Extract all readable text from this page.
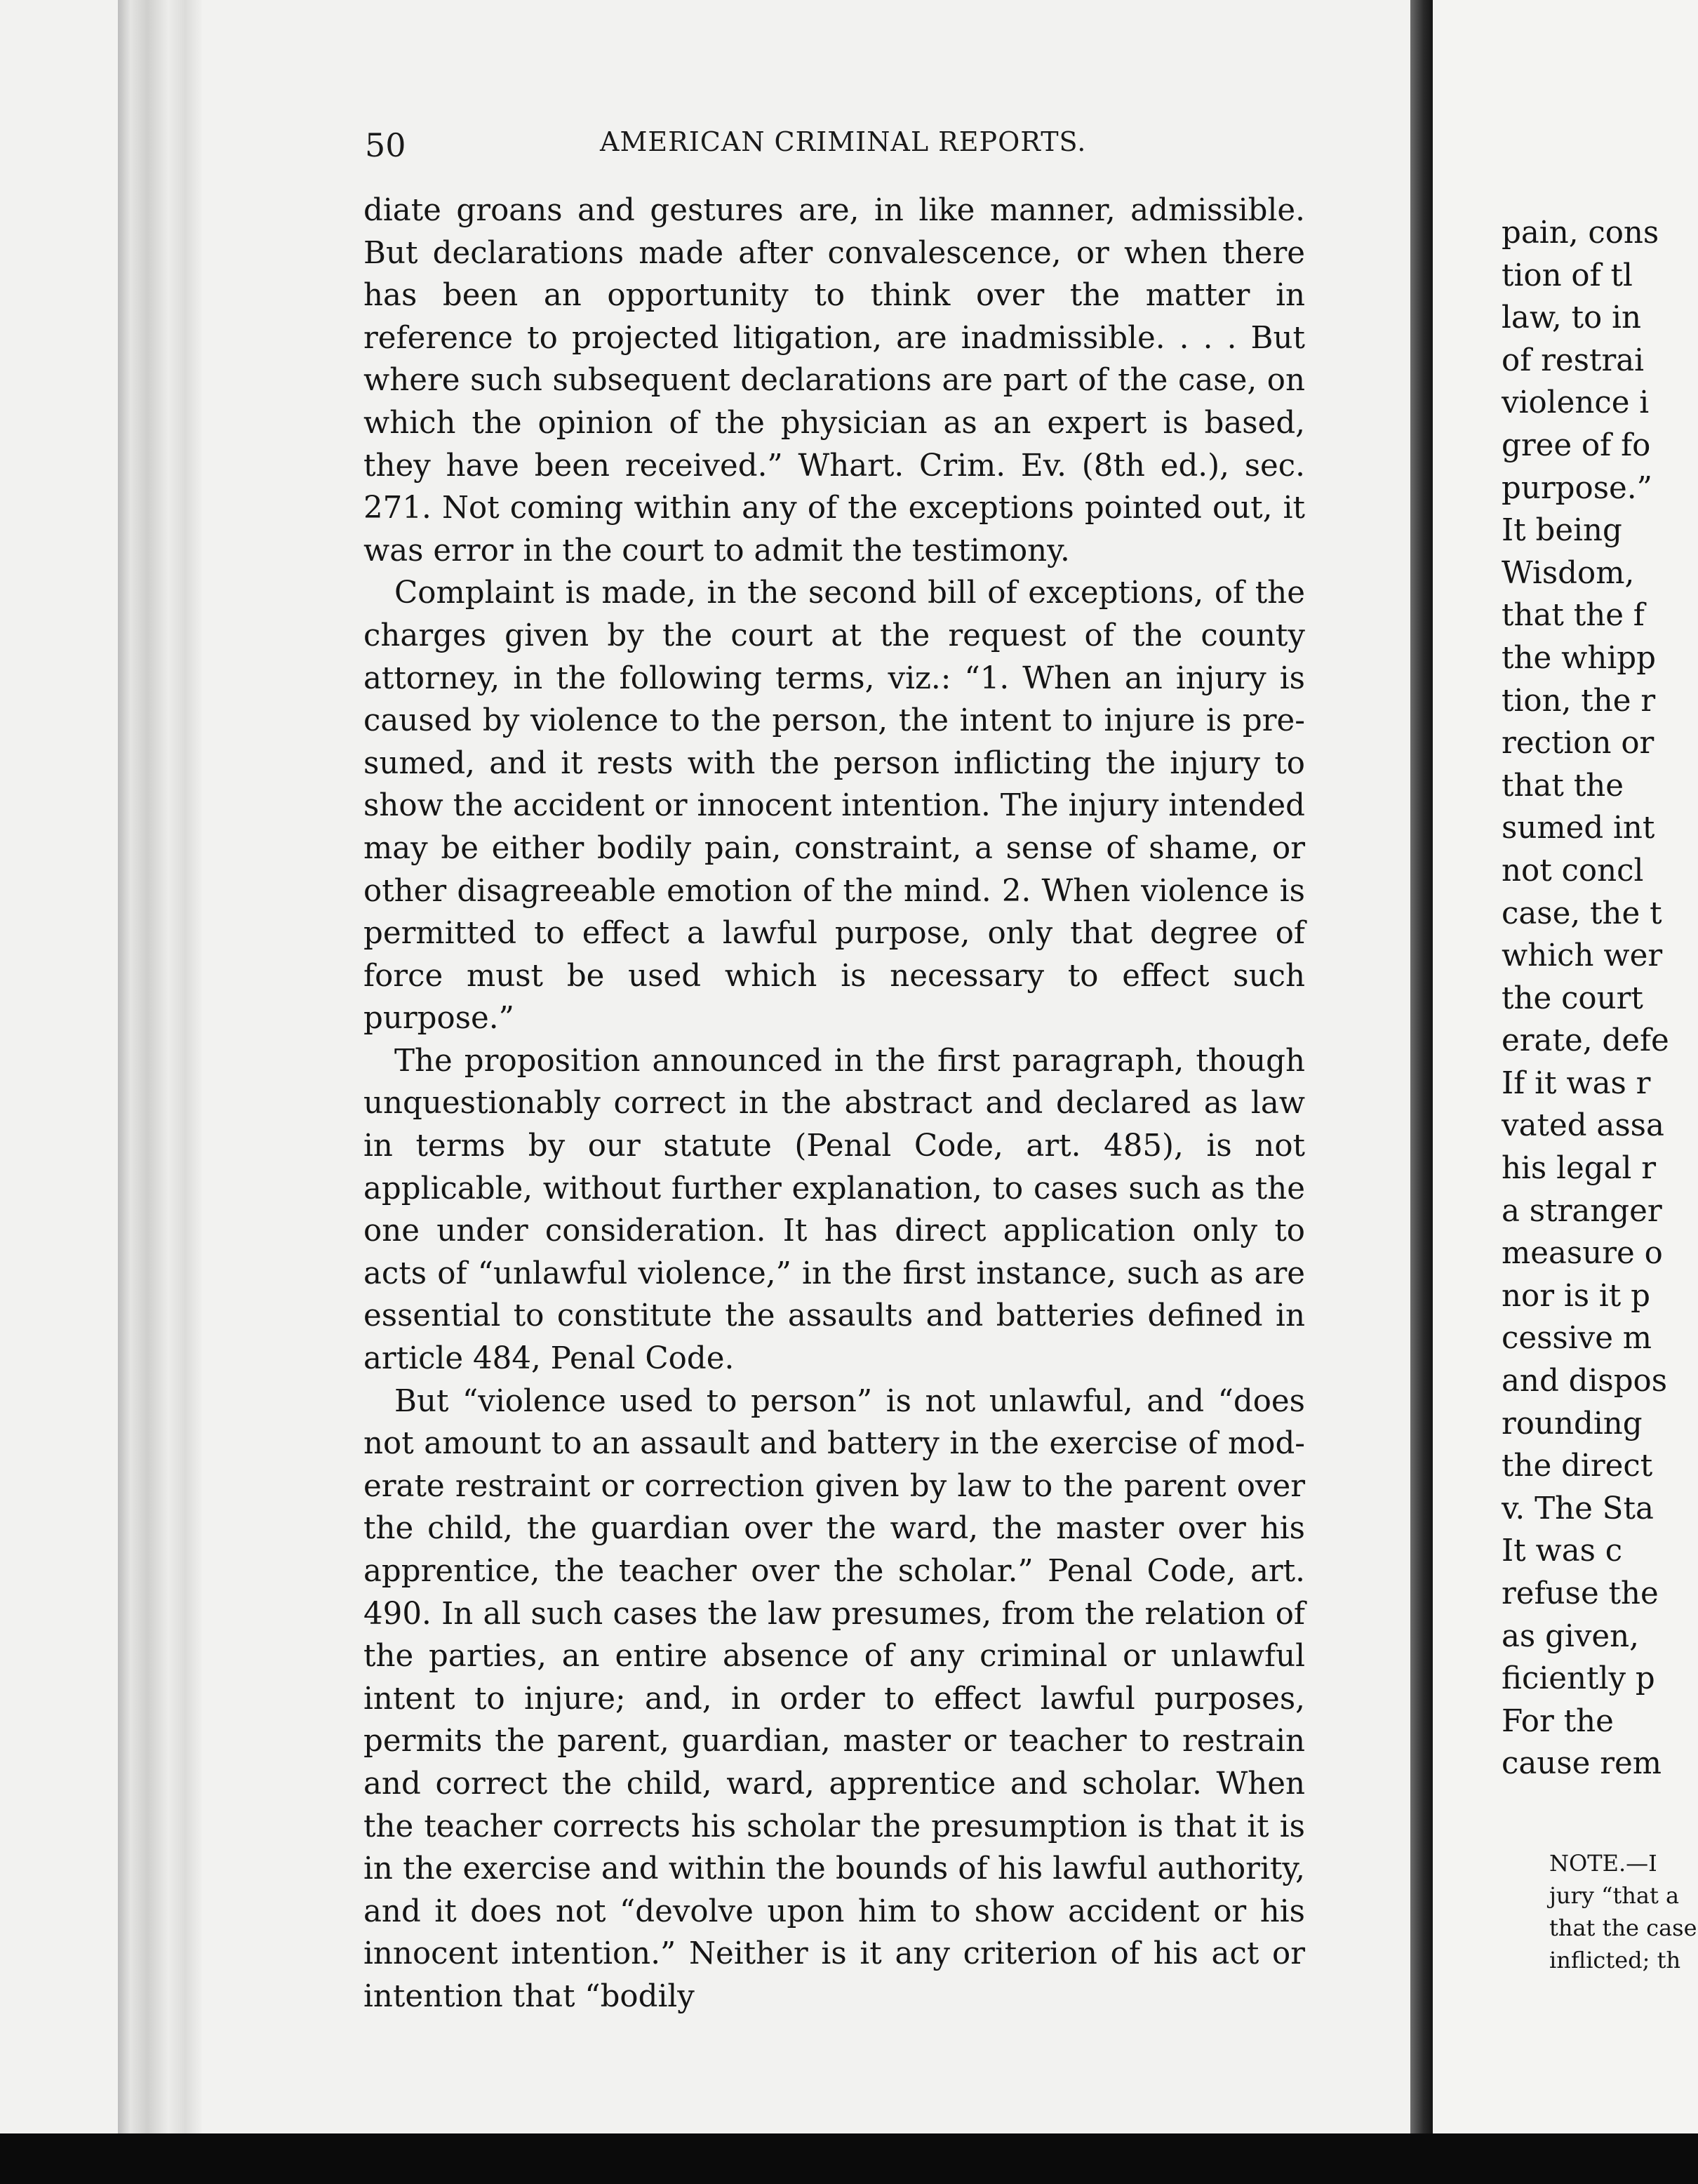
50	AMERICAN CRIMINAL REPORTS.

diate groans and gestures are, in like manner, admissible. But declarations made after convalescence, or when there has been an opportunity to think over the matter in reference to projected litigation, are inadmissible. . . . But where such subsequent declarations are part of the case, on which the opinion of the physician as an expert is based, they have been received.” Whart. Crim. Ev. (8th ed.), sec. 271. Not coming within any of the exceptions pointed out, it was error in the court to admit the testimony.

Complaint is made, in the second bill of exceptions, of the charges given by the court at the request of the county attorney, in the following terms, viz.: “1. When an injury is caused by violence to the person, the intent to injure is presumed, and it rests with the person inflicting the injury to show the accident or innocent intention. The injury intended may be either bodily pain, constraint, a sense of shame, or other disagreeable emotion of the mind. 2. When violence is permitted to effect a lawful purpose, only that degree of force must be used which is necessary to effect such purpose.”

The proposition announced in the first paragraph, though unquestionably correct in the abstract and declared as law in terms by our statute (Penal Code, art. 485), is not applicable, without further explanation, to cases such as the one under consideration. It has direct application only to acts of “unlawful violence,” in the first instance, such as are essential to constitute the assaults and batteries defined in article 484, Penal Code.

But “violence used to person” is not unlawful, and “does not amount to an assault and battery in the exercise of moderate restraint or correction given by law to the parent over the child, the guardian over the ward, the master over his apprentice, the teacher over the scholar.” Penal Code, art. 490. In all such cases the law presumes, from the relation of the parties, an entire absence of any criminal or unlawful intent to injure; and, in order to effect lawful purposes, permits the parent, guardian, master or teacher to restrain and correct the child, ward, apprentice and scholar. When the teacher corrects his scholar the presumption is that it is in the exercise and within the bounds of his lawful authority, and it does not “devolve upon him to show accident or his innocent intention.” Neither is it any criterion of his act or intention that “bodily

pain, cons
tion of tl
law, to in
of restrai
violence i
gree of fo
purpose.”
It being
Wisdom,
that the f
the whipp
tion, the r
rection or
that the
sumed int
not concl
case, the t
which wer
the court
erate, defe
If it was r
vated assa
his legal r
a stranger
measure o
nor is it p
cessive m
and dispos
rounding
the direct
v. The Sta
It was c
refuse the
as given,
ficiently p
For the
cause rem
NOTE.—I
jury “that a
that the case
inflicted; th
